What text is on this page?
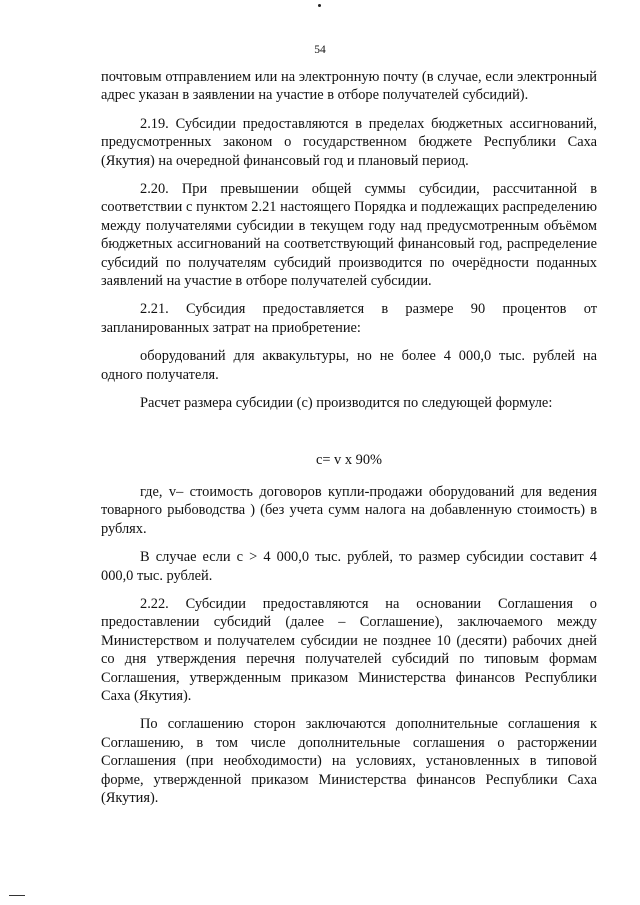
54

почтовым отправлением или на электронную почту (в случае, если электронный адрес указан в заявлении на участие в отборе получателей субсидий).

2.19. Субсидии предоставляются в пределах бюджетных ассигнований, предусмотренных законом о государственном бюджете Республики Саха (Якутия) на очередной финансовый год и плановый период.

2.20. При превышении общей суммы субсидии, рассчитанной в соответствии с пунктом 2.21 настоящего Порядка и подлежащих распределению между получателями субсидии в текущем году над предусмотренным объёмом бюджетных ассигнований на соответствующий финансовый год, распределение субсидий по получателям субсидий производится по очерёдности поданных заявлений на участие в отборе получателей субсидии.

2.21. Субсидия предоставляется в размере 90 процентов от запланированных затрат на приобретение:

оборудований для аквакультуры, но не более 4 000,0 тыс. рублей на одного получателя.

Расчет размера субсидии (с) производится по следующей формуле:

c= v x 90%

где, v– стоимость договоров купли-продажи оборудований для ведения товарного рыбоводства ) (без учета сумм налога на добавленную стоимость) в рублях.

В случае если с > 4 000,0 тыс. рублей, то размер субсидии составит 4 000,0 тыс. рублей.

2.22. Субсидии предоставляются на основании Соглашения о предоставлении субсидий (далее – Соглашение), заключаемого между Министерством и получателем субсидии не позднее 10 (десяти) рабочих дней со дня утверждения перечня получателей субсидий по типовым формам Соглашения, утвержденным приказом Министерства финансов Республики Саха (Якутия).

По соглашению сторон заключаются дополнительные соглашения к Соглашению, в том числе дополнительные соглашения о расторжении Соглашения (при необходимости) на условиях, установленных в типовой форме, утвержденной приказом Министерства финансов Республики Саха (Якутия).
